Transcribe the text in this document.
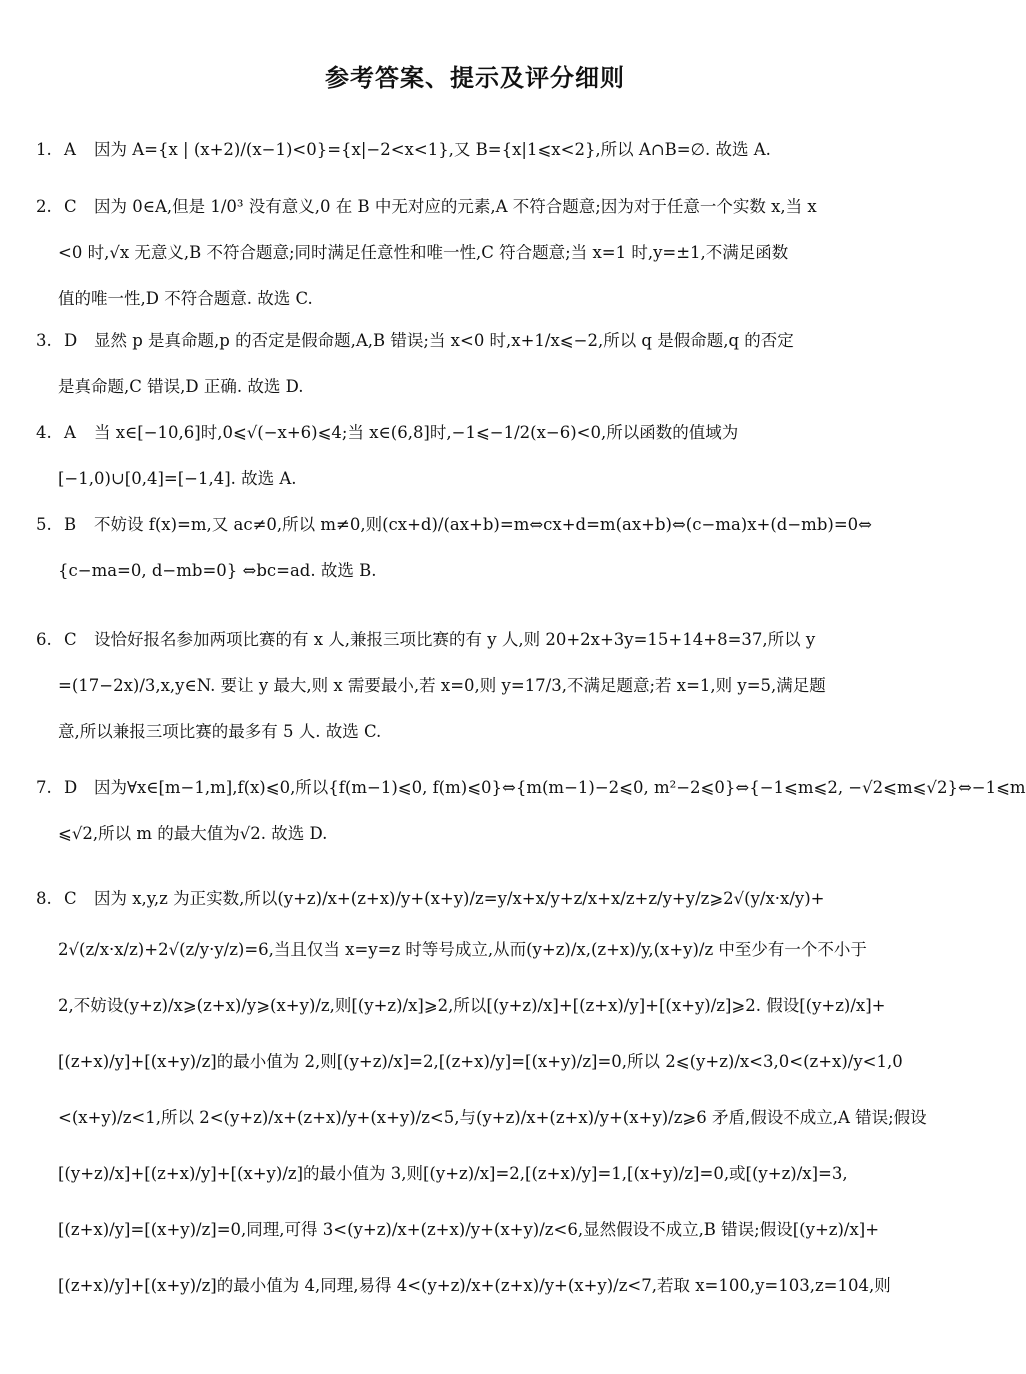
参考答案、提示及评分细则
1. A 因为 A={x | (x+2)/(x−1)<0}={x|−2<x<1},又 B={x|1⩽x<2},所以 A∩B=∅. 故选 A.
2. C 因为 0∈A,但是 1/0³ 没有意义,0 在 B 中无对应的元素,A 不符合题意;因为对于任意一个实数 x,当 x
<0 时,√x 无意义,B 不符合题意;同时满足任意性和唯一性,C 符合题意;当 x=1 时,y=±1,不满足函数
值的唯一性,D 不符合题意. 故选 C.
3. D 显然 p 是真命题,p 的否定是假命题,A,B 错误;当 x<0 时,x+1/x⩽−2,所以 q 是假命题,q 的否定
是真命题,C 错误,D 正确. 故选 D.
4. A 当 x∈[−10,6]时,0⩽√(−x+6)⩽4;当 x∈(6,8]时,−1⩽−1/2(x−6)<0,所以函数的值域为
[−1,0)∪[0,4]=[−1,4]. 故选 A.
5. B 不妨设 f(x)=m,又 ac≠0,所以 m≠0,则(cx+d)/(ax+b)=m⇔cx+d=m(ax+b)⇔(c−ma)x+(d−mb)=0⇔
{c−ma=0, d−mb=0} ⇔bc=ad. 故选 B.
6. C 设恰好报名参加两项比赛的有 x 人,兼报三项比赛的有 y 人,则 20+2x+3y=15+14+8=37,所以 y
=(17−2x)/3,x,y∈N. 要让 y 最大,则 x 需要最小,若 x=0,则 y=17/3,不满足题意;若 x=1,则 y=5,满足题
意,所以兼报三项比赛的最多有 5 人. 故选 C.
7. D 因为∀x∈[m−1,m],f(x)⩽0,所以{f(m−1)⩽0, f(m)⩽0}⇔{m(m−1)−2⩽0, m²−2⩽0}⇔{−1⩽m⩽2, −√2⩽m⩽√2}⇔−1⩽m
⩽√2,所以 m 的最大值为√2. 故选 D.
8. C 因为 x,y,z 为正实数,所以(y+z)/x+(z+x)/y+(x+y)/z=y/x+x/y+z/x+x/z+z/y+y/z⩾2√(y/x·x/y)+
2√(z/x·x/z)+2√(z/y·y/z)=6,当且仅当 x=y=z 时等号成立,从而(y+z)/x,(z+x)/y,(x+y)/z 中至少有一个不小于
2,不妨设(y+z)/x⩾(z+x)/y⩾(x+y)/z,则[(y+z)/x]⩾2,所以[(y+z)/x]+[(z+x)/y]+[(x+y)/z]⩾2. 假设[(y+z)/x]+
[(z+x)/y]+[(x+y)/z]的最小值为 2,则[(y+z)/x]=2,[(z+x)/y]=[(x+y)/z]=0,所以 2⩽(y+z)/x<3,0<(z+x)/y<1,0
<(x+y)/z<1,所以 2<(y+z)/x+(z+x)/y+(x+y)/z<5,与(y+z)/x+(z+x)/y+(x+y)/z⩾6 矛盾,假设不成立,A 错误;假设
[(y+z)/x]+[(z+x)/y]+[(x+y)/z]的最小值为 3,则[(y+z)/x]=2,[(z+x)/y]=1,[(x+y)/z]=0,或[(y+z)/x]=3,
[(z+x)/y]=[(x+y)/z]=0,同理,可得 3<(y+z)/x+(z+x)/y+(x+y)/z<6,显然假设不成立,B 错误;假设[(y+z)/x]+
[(z+x)/y]+[(x+y)/z]的最小值为 4,同理,易得 4<(y+z)/x+(z+x)/y+(x+y)/z<7,若取 x=100,y=103,z=104,则
